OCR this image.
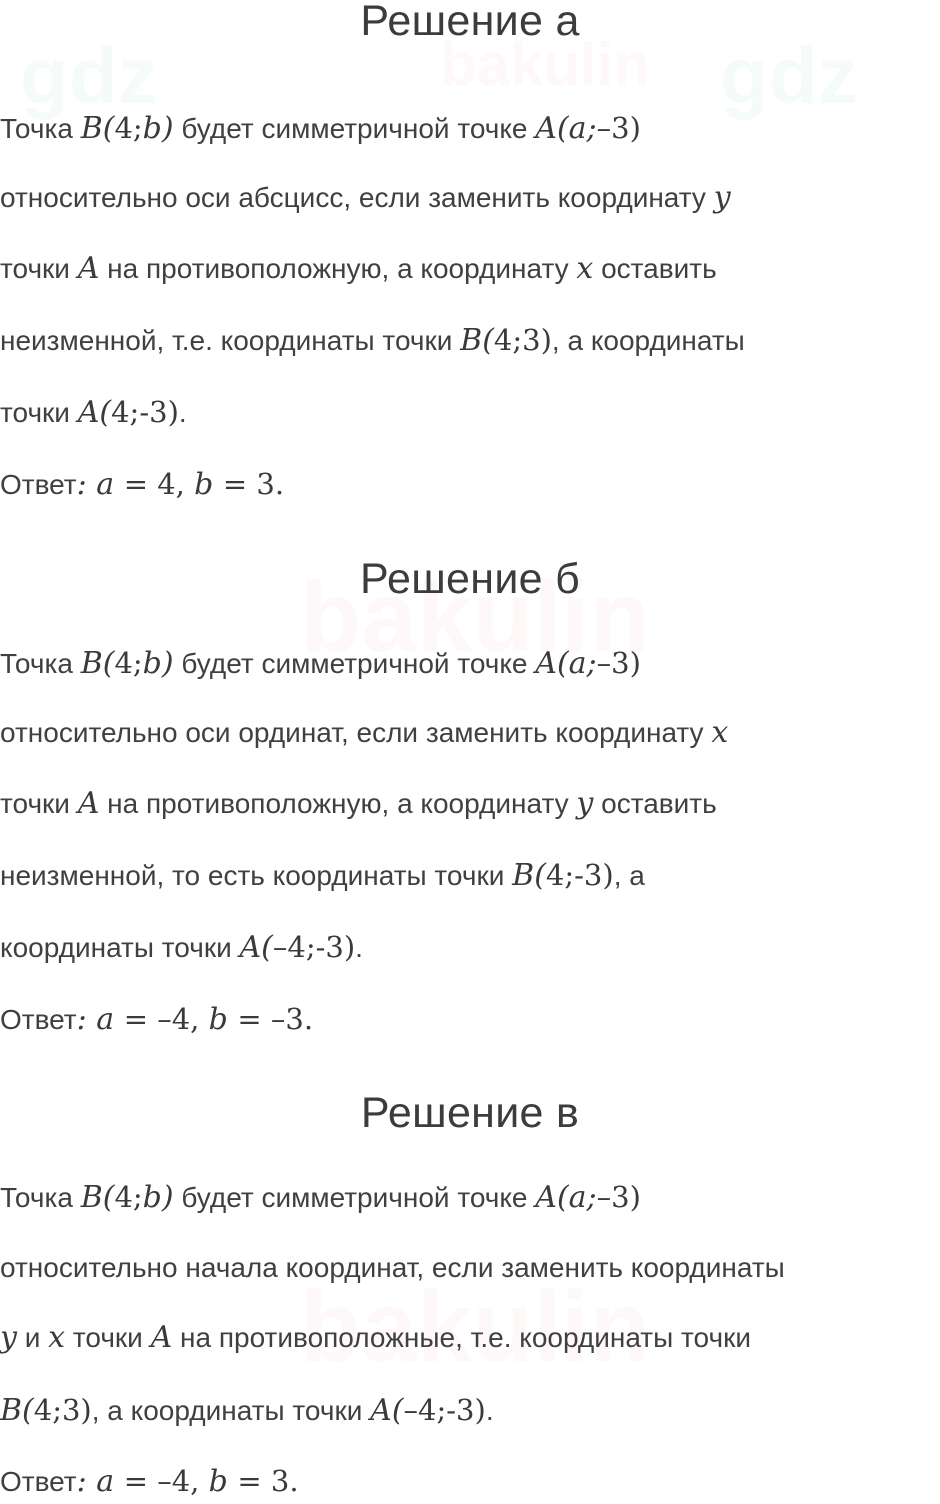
Решение а
Точка B(4;b) будет симметричной точке A(a;–3)
относительно оси абсцисс, если заменить координату y
точки A на противоположную, а координату x оставить
неизменной, т.е. координаты точки B(4;3), а координаты
точки A(4;-3).
Ответ: a = 4, b = 3.
Решение б
Точка B(4;b) будет симметричной точке A(a;–3)
относительно оси ординат, если заменить координату x
точки A на противоположную, а координату y оставить
неизменной, то есть координаты точки B(4;-3), а
координаты точки A(–4;-3).
Ответ: a = –4, b = –3.
Решение в
Точка B(4;b) будет симметричной точке A(a;–3)
относительно начала координат, если заменить координаты
y и x точки A на противоположные, т.е. координаты точки
B(4;3), а координаты точки A(–4;-3).
Ответ: a = –4, b = 3.
